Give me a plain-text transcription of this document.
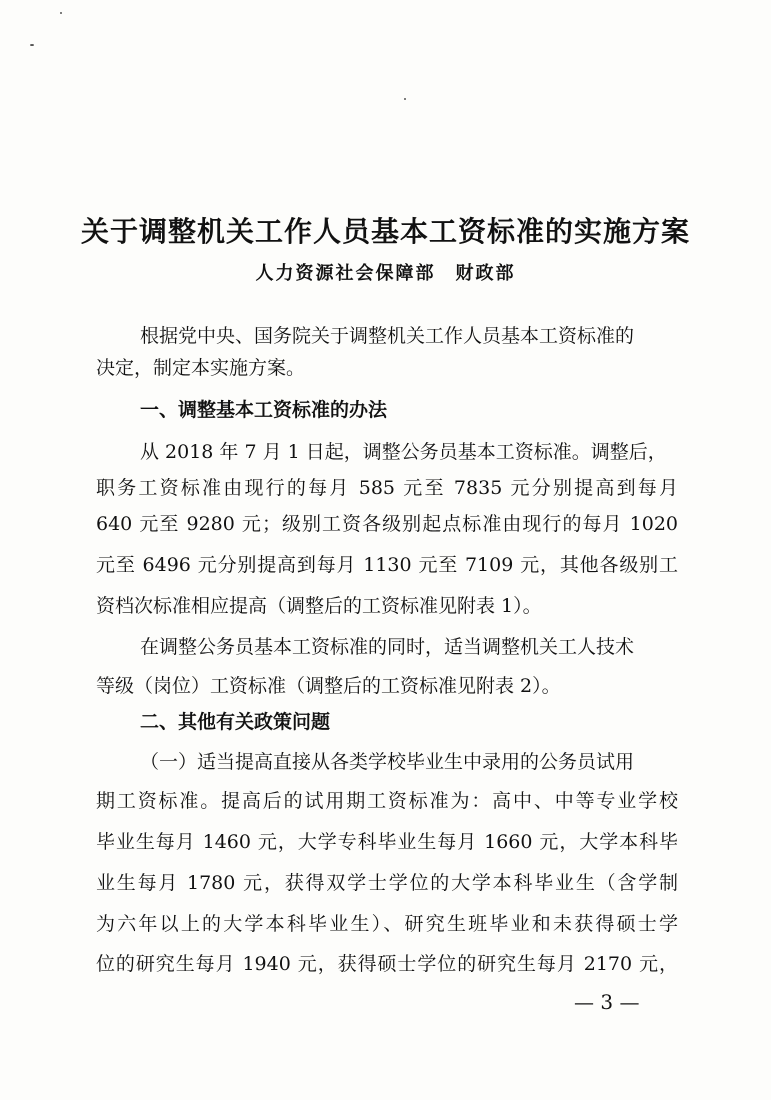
关于调整机关工作人员基本工资标准的实施方案
人力资源社会保障部　财政部
根据党中央、国务院关于调整机关工作人员基本工资标准的
决定，制定本实施方案。
一、调整基本工资标准的办法
从 2018 年 7 月 1 日起，调整公务员基本工资标准。调整后，
职务工资标准由现行的每月 585 元至 7835 元分别提高到每月
640 元至 9280 元；级别工资各级别起点标准由现行的每月 1020
元至 6496 元分别提高到每月 1130 元至 7109 元，其他各级别工
资档次标准相应提高（调整后的工资标准见附表 1）。
在调整公务员基本工资标准的同时，适当调整机关工人技术
等级（岗位）工资标准（调整后的工资标准见附表 2）。
二、其他有关政策问题
（一）适当提高直接从各类学校毕业生中录用的公务员试用
期工资标准。提高后的试用期工资标准为：高中、中等专业学校
毕业生每月 1460 元，大学专科毕业生每月 1660 元，大学本科毕
业生每月 1780 元，获得双学士学位的大学本科毕业生（含学制
为六年以上的大学本科毕业生）、研究生班毕业和未获得硕士学
位的研究生每月 1940 元，获得硕士学位的研究生每月 2170 元，
— 3 —
